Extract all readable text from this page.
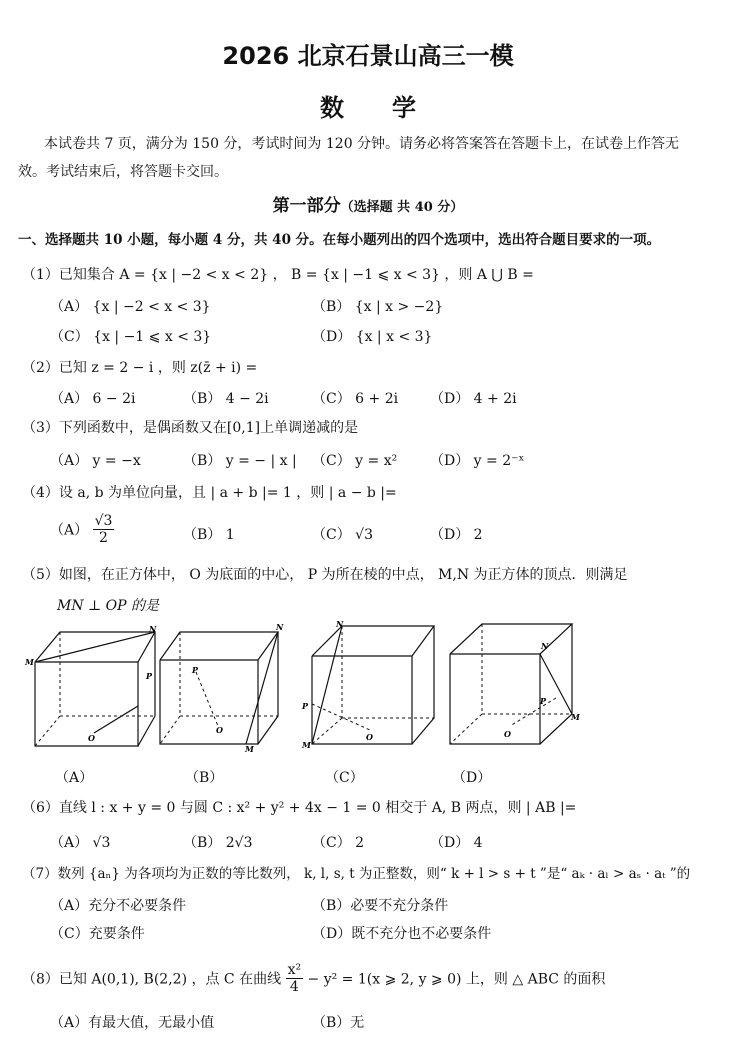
2026 北京石景山高三一模
数　　学
本试卷共 7 页，满分为 150 分，考试时间为 120 分钟。请务必将答案答在答题卡上，在试卷上作答无
效。考试结束后，将答题卡交回。
第一部分（选择题 共 40 分）
一、选择题共 10 小题，每小题 4 分，共 40 分。在每小题列出的四个选项中，选出符合题目要求的一项。
（1）已知集合 A = {x | −2 < x < 2} ， B = {x | −1 ⩽ x < 3} ，则 A ⋃ B =
（A） {x | −2 < x < 3}	（B） {x | x > −2}
（C） {x | −1 ⩽ x < 3}	（D） {x | x < 3}
（2）已知 z = 2 − i ，则 z(z̄ + i) =
（A） 6 − 2i	（B） 4 − 2i	（C） 6 + 2i （D） 4 + 2i
（3）下列函数中，是偶函数又在[0,1]上单调递减的是
（A） y = −x	（B） y = − | x | （C） y = x² （D） y = 2⁻ˣ
（4）设 a, b 为单位向量，且 | a + b |= 1 ，则 | a − b |=
$(A) \frac{√3}{2}$	（B） 1	（C） √3	（D） 2
（5）如图，在正方体中， O 为底面的中心， P 为所在棱的中点， M,N 为正方体的顶点．则满足
MN ⊥ OP 的是
M
N
P
O
P
N
M
O
N
P
M
O
N
P
M
O
（A）	（B）	（C）	（D）
（6）直线 l : x + y = 0 与圆 C : x² + y² + 4x − 1 = 0 相交于 A, B 两点，则 | AB |=
（A） √3	（B） 2√3	（C） 2	（D） 4
（7）数列 {aₙ} 为各项均为正数的等比数列， k, l, s, t 为正整数，则“ k + l > s + t ”是“ aₖ · aₗ > aₛ · aₜ ”的
（A）充分不必要条件	（B）必要不充分条件
（C）充要条件	（D）既不充分也不必要条件
（8）已知 A(0,1), B(2,2) ，点 C 在曲线 $\frac{\text{x²}}{4} - y^2 = 1(x$ ⩾ 2, y ⩾ 0) 上，则 △ ABC 的面积
（A）有最大值，无最小值	（B）无
